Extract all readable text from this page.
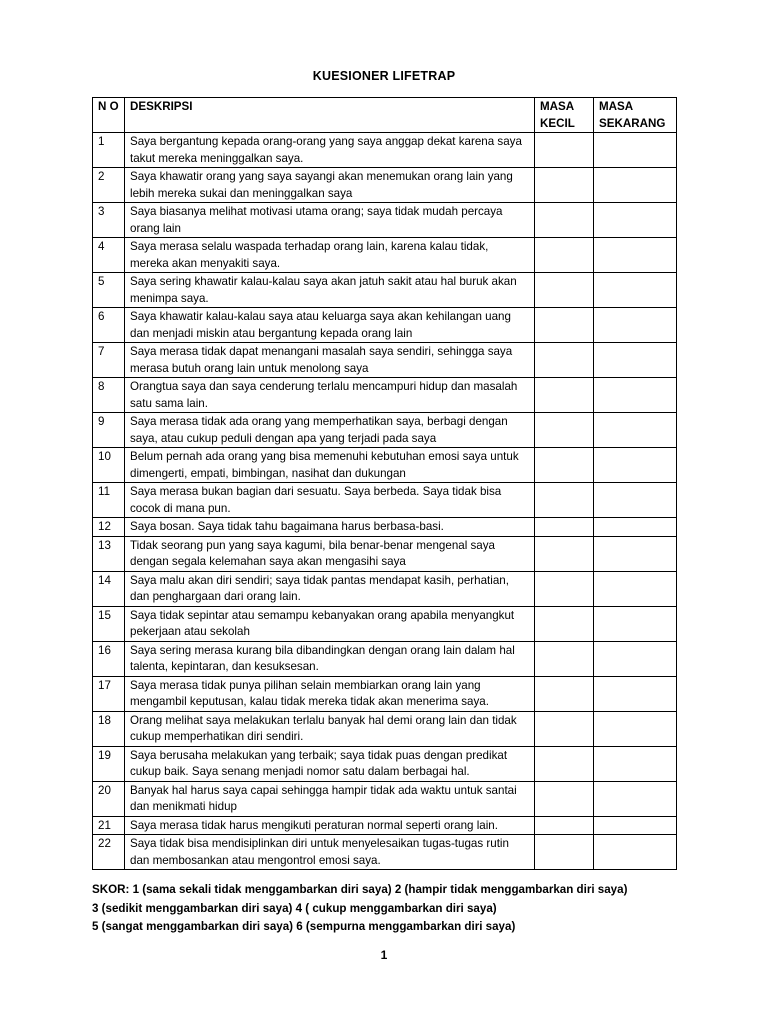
KUESIONER LIFETRAP
N O	DESKRIPSI	MASA KECIL	MASA SEKARANG
1	Saya bergantung kepada orang-orang yang saya anggap dekat karena saya takut mereka meninggalkan saya.		
2	Saya khawatir orang yang saya sayangi akan menemukan orang lain yang lebih mereka sukai dan meninggalkan saya		
3	Saya biasanya melihat motivasi utama orang; saya tidak mudah percaya orang lain		
4	Saya merasa selalu waspada terhadap orang lain, karena kalau tidak, mereka akan menyakiti saya.		
5	Saya sering khawatir kalau-kalau saya akan jatuh sakit atau hal buruk akan menimpa saya.		
6	Saya khawatir kalau-kalau saya atau keluarga saya akan kehilangan uang dan menjadi miskin atau bergantung kepada orang lain		
7	Saya merasa tidak dapat menangani masalah saya sendiri, sehingga saya merasa butuh orang lain untuk menolong saya		
8	Orangtua saya dan saya cenderung terlalu mencampuri hidup dan masalah satu sama lain.		
9	Saya merasa tidak ada orang yang memperhatikan saya, berbagi dengan saya, atau cukup peduli dengan apa yang terjadi pada saya		
10	Belum pernah ada orang yang bisa memenuhi kebutuhan emosi saya untuk dimengerti, empati, bimbingan, nasihat dan dukungan		
11	Saya merasa bukan bagian dari sesuatu. Saya berbeda. Saya tidak bisa cocok di mana pun.		
12	Saya bosan. Saya tidak tahu bagaimana harus berbasa-basi.		
13	Tidak seorang pun yang saya kagumi, bila benar-benar mengenal saya dengan segala kelemahan saya akan mengasihi saya		
14	Saya malu akan diri sendiri; saya tidak pantas mendapat kasih, perhatian, dan penghargaan dari orang lain.		
15	Saya tidak sepintar atau semampu kebanyakan orang apabila menyangkut pekerjaan atau sekolah		
16	Saya sering merasa kurang bila dibandingkan dengan orang lain dalam hal talenta, kepintaran, dan kesuksesan.		
17	Saya merasa tidak punya pilihan selain membiarkan orang lain yang mengambil keputusan, kalau tidak mereka tidak akan menerima saya.		
18	Orang melihat saya melakukan terlalu banyak hal demi orang lain dan tidak cukup memperhatikan diri sendiri.		
19	Saya berusaha melakukan yang terbaik; saya tidak puas dengan predikat cukup baik. Saya senang menjadi nomor satu dalam berbagai hal.		
20	Banyak hal harus saya capai sehingga hampir tidak ada waktu untuk santai dan menikmati hidup		
21	Saya merasa tidak harus mengikuti peraturan normal seperti orang lain.		
22	Saya tidak bisa mendisiplinkan diri untuk menyelesaikan tugas-tugas rutin dan membosankan atau mengontrol emosi saya.		
SKOR: 1 (sama sekali tidak menggambarkan diri saya) 2 (hampir tidak menggambarkan diri saya)
3 (sedikit menggambarkan diri saya) 4 ( cukup menggambarkan diri saya)
5 (sangat menggambarkan diri saya) 6 (sempurna menggambarkan diri saya)
1
